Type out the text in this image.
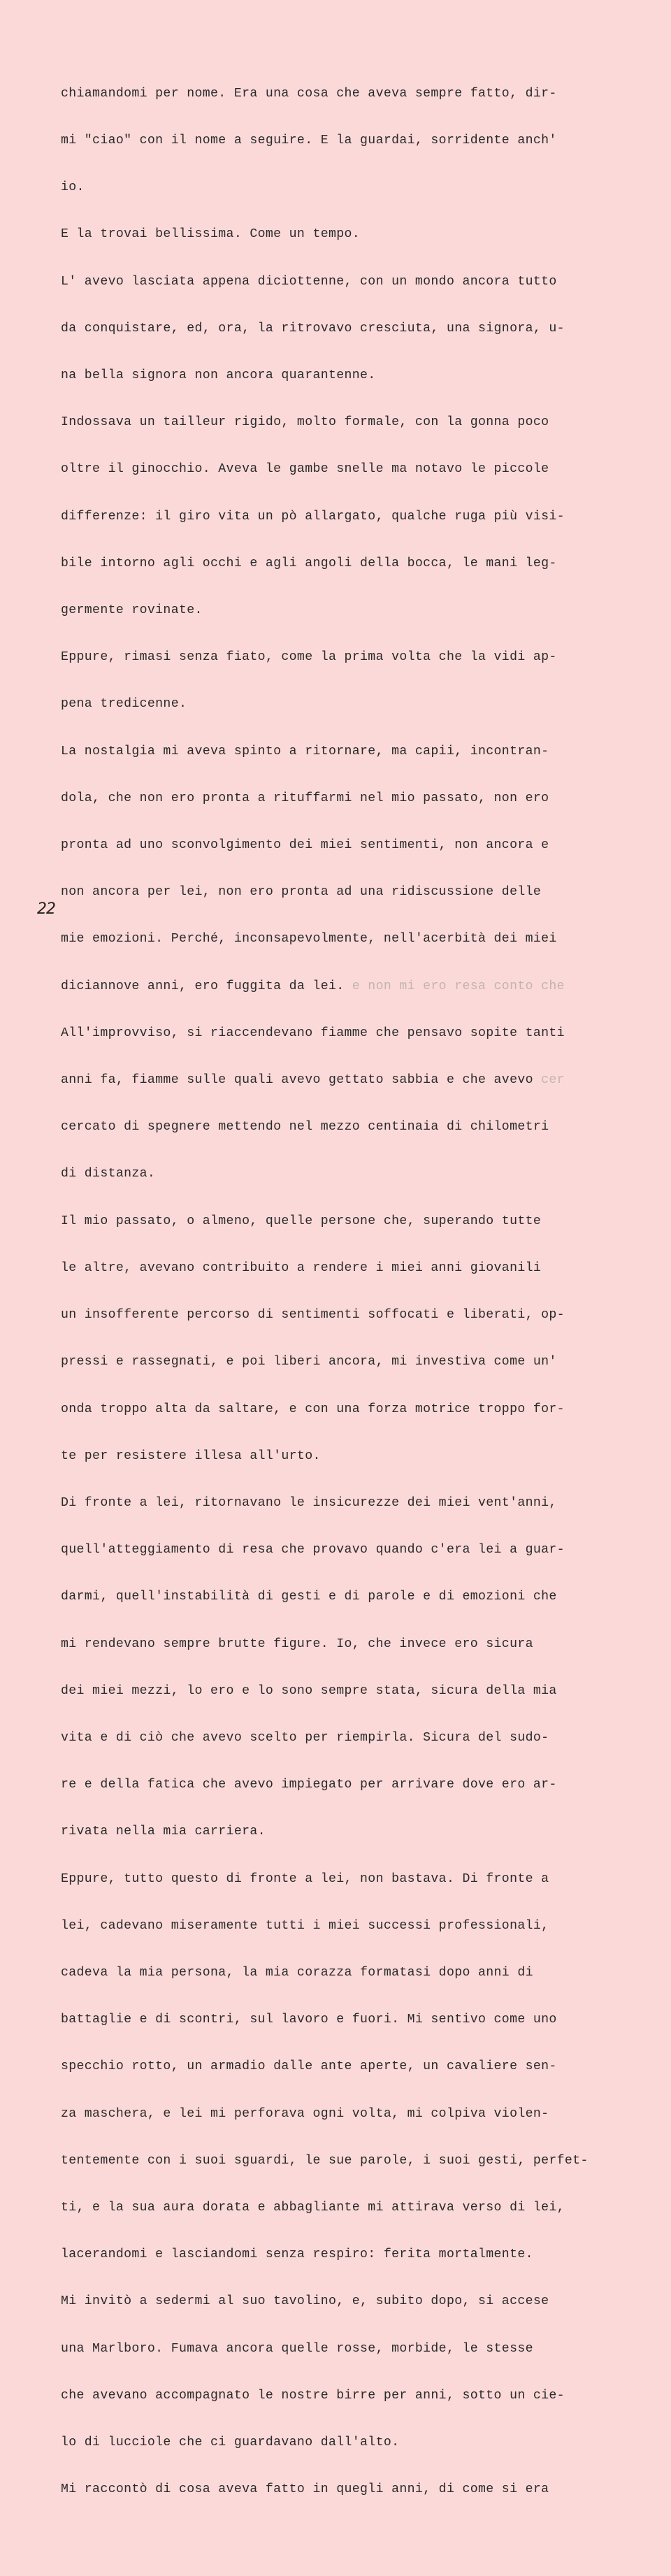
chiamandomi per nome. Era una cosa che aveva sempre fatto, dir-

mi "ciao" con il nome a seguire. E la guardai, sorridente anch'

io.

E la trovai bellissima. Come un tempo.

L' avevo lasciata appena diciottenne, con un mondo ancora tutto

da conquistare, ed, ora, la ritrovavo cresciuta, una signora, u-

na bella signora non ancora quarantenne.

Indossava un tailleur rigido, molto formale, con la gonna poco

oltre il ginocchio. Aveva le gambe snelle ma notavo le piccole

differenze: il giro vita un pò allargato, qualche ruga più visi-

bile intorno agli occhi e agli angoli della bocca, le mani leg-

germente rovinate.

Eppure, rimasi senza fiato, come la prima volta che la vidi ap-

pena tredicenne.

La nostalgia mi aveva spinto a ritornare, ma capii, incontran-

dola, che non ero pronta a rituffarmi nel mio passato, non ero

pronta ad uno sconvolgimento dei miei sentimenti, non ancora e

non ancora per lei, non ero pronta ad una ridiscussione delle

mie emozioni. Perché, inconsapevolmente, nell'acerbità dei miei

diciannove anni, ero fuggita da lei. e non mi ero resa conto che

All'improvviso, si riaccendevano fiamme che pensavo sopite tanti

anni fa, fiamme sulle quali avevo gettato sabbia e che avevo cer

cercato di spegnere mettendo nel mezzo centinaia di chilometri

di distanza.

Il mio passato, o almeno, quelle persone che, superando tutte

le altre, avevano contribuito a rendere i miei anni giovanili

un insofferente percorso di sentimenti soffocati e liberati, op-

pressi e rassegnati, e poi liberi ancora, mi investiva come un'

onda troppo alta da saltare, e con una forza motrice troppo for-

te per resistere illesa all'urto.

Di fronte a lei, ritornavano le insicurezze dei miei vent'anni,

quell'atteggiamento di resa che provavo quando c'era lei a guar-

darmi, quell'instabilità di gesti e di parole e di emozioni che

mi rendevano sempre brutte figure. Io, che invece ero sicura

dei miei mezzi, lo ero e lo sono sempre stata, sicura della mia

vita e di ciò che avevo scelto per riempirla. Sicura del sudo-

re e della fatica che avevo impiegato per arrivare dove ero ar-

rivata nella mia carriera.

Eppure, tutto questo di fronte a lei, non bastava. Di fronte a

lei, cadevano miseramente tutti i miei successi professionali,

cadeva la mia persona, la mia corazza formatasi dopo anni di

battaglie e di scontri, sul lavoro e fuori. Mi sentivo come uno

specchio rotto, un armadio dalle ante aperte, un cavaliere sen-

za maschera, e lei mi perforava ogni volta, mi colpiva violen-

tentemente con i suoi sguardi, le sue parole, i suoi gesti, perfet-

ti, e la sua aura dorata e abbagliante mi attirava verso di lei,

lacerandomi e lasciandomi senza respiro: ferita mortalmente.

Mi invitò a sedermi al suo tavolino, e, subito dopo, si accese

una Marlboro. Fumava ancora quelle rosse, morbide, le stesse

che avevano accompagnato le nostre birre per anni, sotto un cie-

lo di lucciole che ci guardavano dall'alto.

Mi raccontò di cosa aveva fatto in quegli anni, di come si era

22
